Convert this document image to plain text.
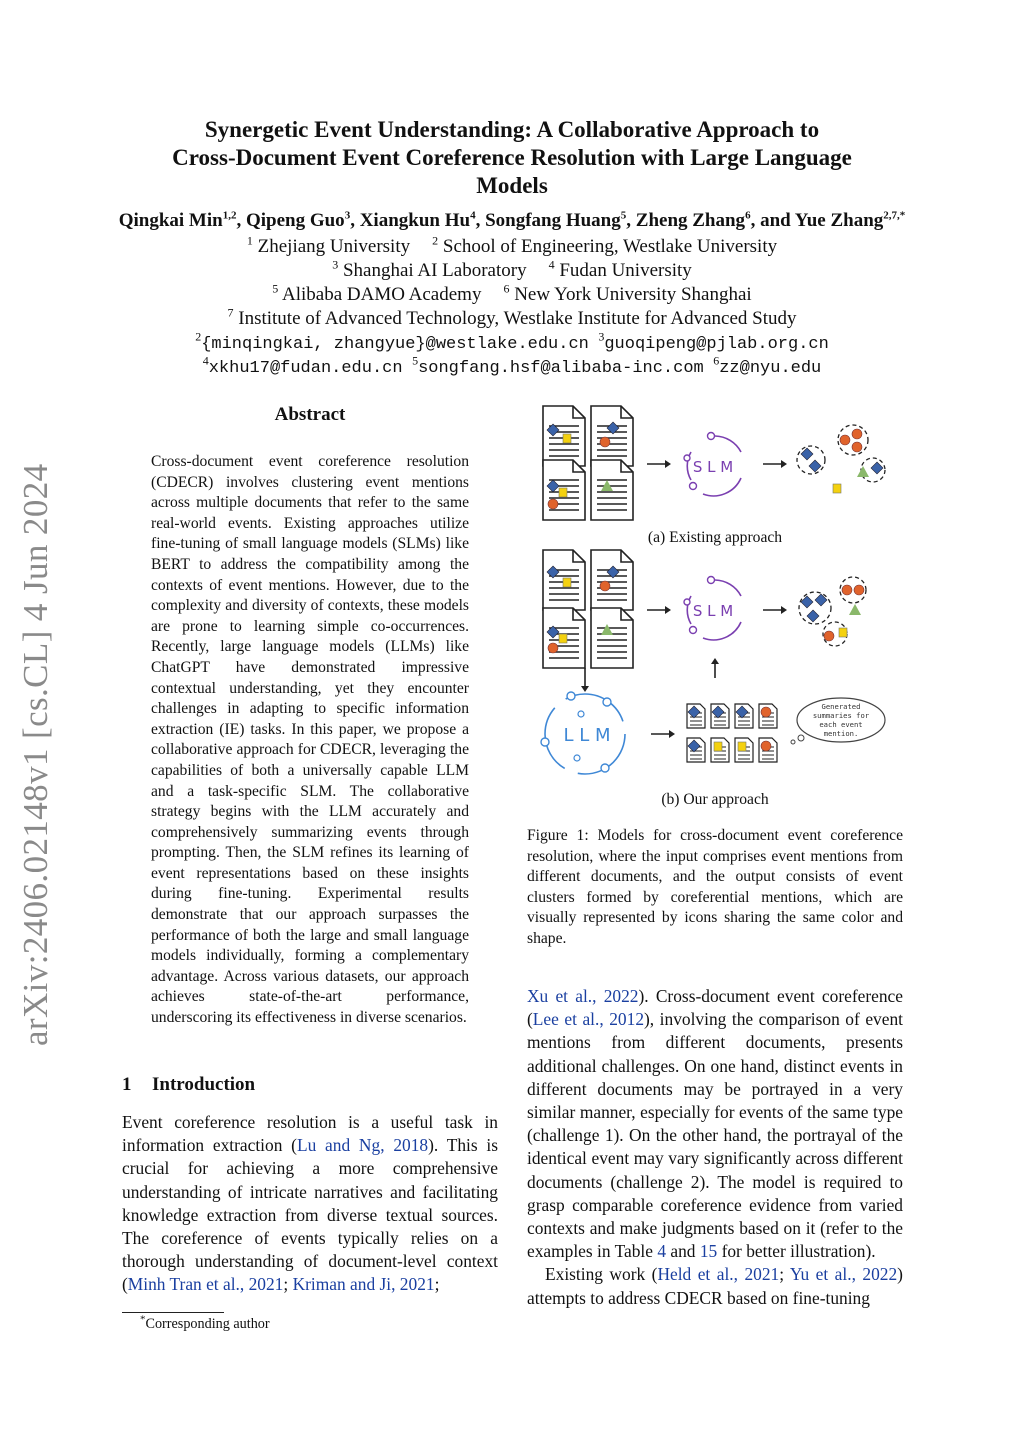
arXiv:2406.02148v1 [cs.CL] 4 Jun 2024
Synergetic Event Understanding: A Collaborative Approach to
Cross-Document Event Coreference Resolution with Large Language
Models
Qingkai Min$^{1,2}$, Qipeng Guo$^3$, Xiangkun Hu$^4$, Songfang Huang$^5$, Zheng Zhang$^6$, and Yue Zhang$^{2,7,*}$
$^1$ Zhejiang University $^2$ School of Engineering, Westlake University
$^3$ Shanghai AI Laboratory $^4$ Fudan University
$^5$ Alibaba DAMO Academy $^6$ New York University Shanghai
$^7$ Institute of Advanced Technology, Westlake Institute for Advanced Study
$^2${minqingkai, zhangyue}@westlake.edu.cn $^3$guoqipeng@pjlab.org.cn
$^4$xkhu17@fudan.edu.cn $^5$songfang.hsf@alibaba-inc.com $^6$zz@nyu.edu
Abstract
Cross-document event coreference resolution (CDECR) involves clustering event mentions across multiple documents that refer to the same real-world events. Existing approaches utilize fine-tuning of small language models (SLMs) like BERT to address the compatibility among the contexts of event mentions. However, due to the complexity and diversity of contexts, these models are prone to learning simple co-occurrences. Recently, large language models (LLMs) like ChatGPT have demonstrated impressive contextual understanding, yet they encounter challenges in adapting to specific information extraction (IE) tasks. In this paper, we propose a collaborative approach for CDECR, leveraging the capabilities of both a universally capable LLM and a task-specific SLM. The collaborative strategy begins with the LLM accurately and comprehensively summarizing events through prompting. Then, the SLM refines its learning of event representations based on these insights during fine-tuning. Experimental results demonstrate that our approach surpasses the performance of both the large and small language models individually, forming a complementary advantage. Across various datasets, our approach achieves state-of-the-art performance, underscoring its effectiveness in diverse scenarios.
1 Introduction
Event coreference resolution is a useful task in information extraction (Lu and Ng, 2018). This is crucial for achieving a more comprehensive understanding of intricate narratives and facilitating knowledge extraction from diverse textual sources. The coreference of events typically relies on a thorough understanding of document-level context (Minh Tran et al., 2021; Kriman and Ji, 2021;
*Corresponding author
Xu et al., 2022). Cross-document event coreference (Lee et al., 2012), involving the comparison of event mentions from different documents, presents additional challenges. On one hand, distinct events in different documents may be portrayed in a very similar manner, especially for events of the same type (challenge 1). On the other hand, the portrayal of the identical event may vary significantly across different documents (challenge 2). The model is required to grasp comparable coreference evidence from varied contexts and make judgments based on it (refer to the examples in Table 4 and 15 for better illustration).
Existing work (Held et al., 2021; Yu et al., 2022) attempts to address CDECR based on fine-tuning
S L M
(a) Existing approach
S L M
L L M
Generated
summaries for
each event
mention.
(b) Our approach
Figure 1: Models for cross-document event coreference resolution, where the input comprises event mentions from different documents, and the output consists of event clusters formed by coreferential mentions, which are visually represented by icons sharing the same color and shape.
